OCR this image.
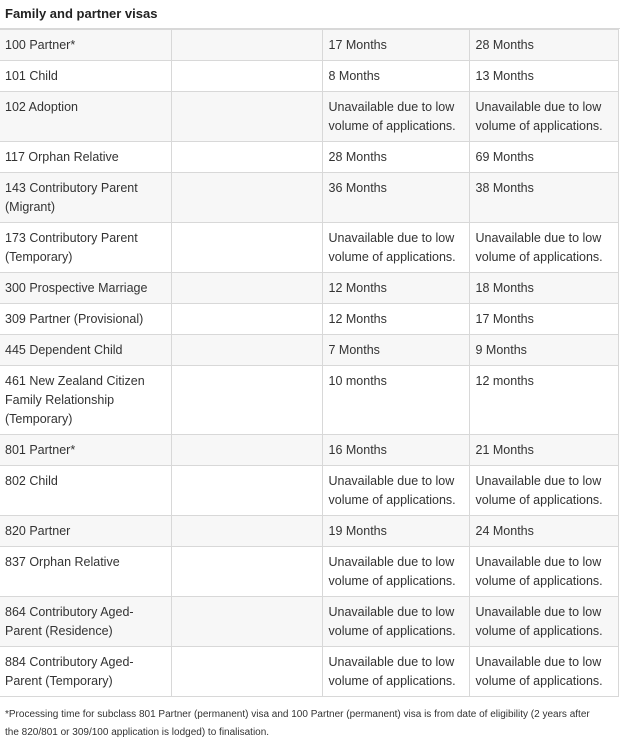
Family and partner visas
100 Partner*		17 Months	28 Months
101 Child		8 Months	13 Months
102 Adoption		Unavailable due to low volume of applications.	Unavailable due to low volume of applications.
117 Orphan Relative		28 Months	69 Months
143 Contributory Parent (Migrant)		36 Months	38 Months
173 Contributory Parent (Temporary)		Unavailable due to low volume of applications.	Unavailable due to low volume of applications.
300 Prospective Marriage		12 Months	18 Months
309 Partner (Provisional)		12 Months	17 Months
445 Dependent Child		7 Months	9 Months
461 New Zealand Citizen Family Relationship (Temporary)		10 months	12 months
801 Partner*		16 Months	21 Months
802 Child		Unavailable due to low volume of applications.	Unavailable due to low volume of applications.
820 Partner		19 Months	24 Months
837 Orphan Relative		Unavailable due to low volume of applications.	Unavailable due to low volume of applications.
864 Contributory Aged-Parent (Residence)		Unavailable due to low volume of applications.	Unavailable due to low volume of applications.
884 Contributory Aged-Parent (Temporary)		Unavailable due to low volume of applications.	Unavailable due to low volume of applications.
*Processing time for subclass 801 Partner (permanent) visa and 100 Partner (permanent) visa is from date of eligibility (2 years after the 820/801 or 309/100 application is lodged) to finalisation.
